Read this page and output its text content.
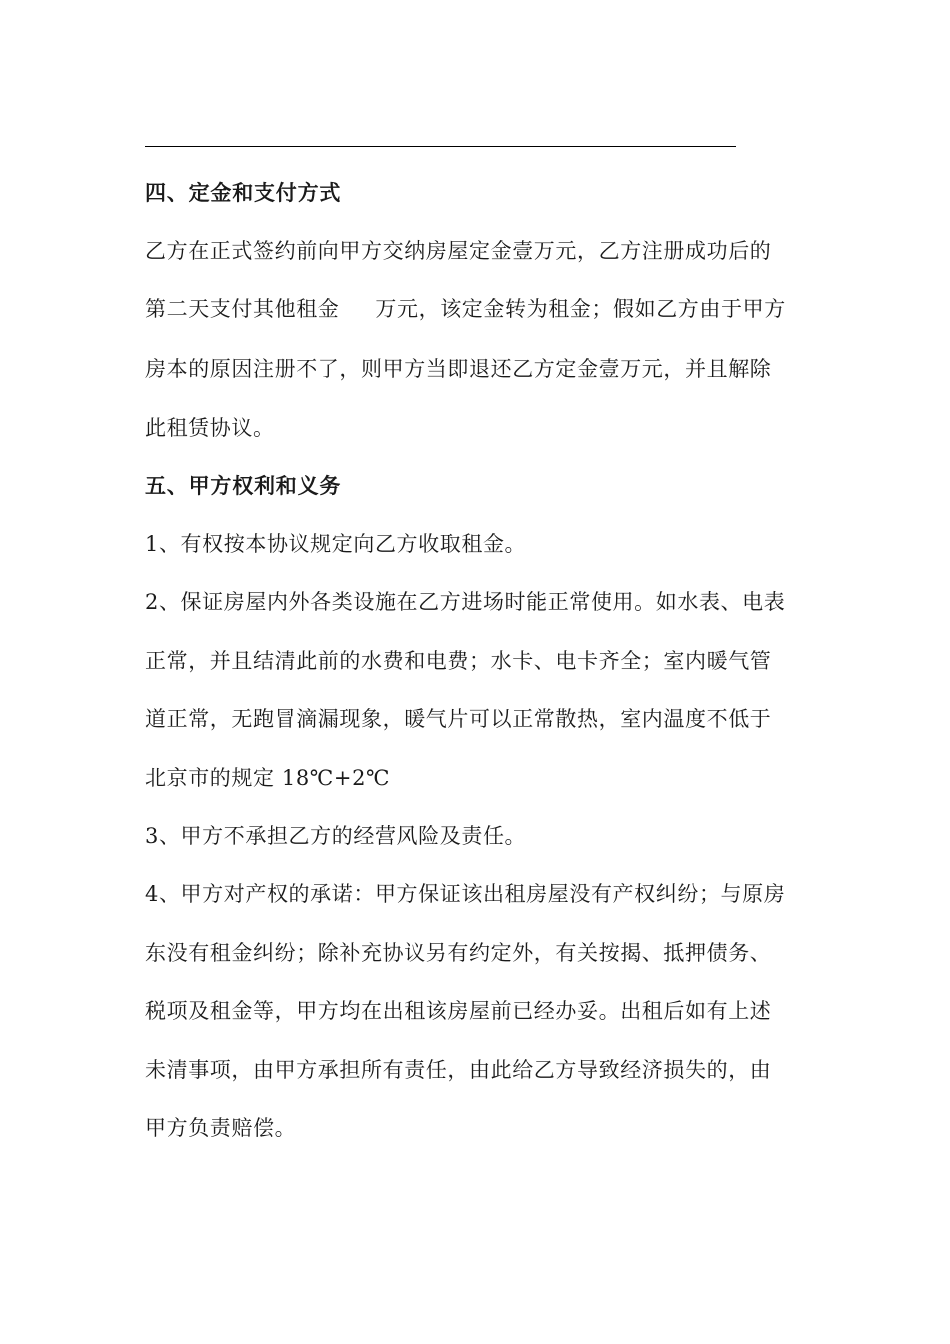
四、定金和支付方式
乙方在正式签约前向甲方交纳房屋定金壹万元，乙方注册成功后的
第二天支付其他租金 万元，该定金转为租金；假如乙方由于甲方
房本的原因注册不了，则甲方当即退还乙方定金壹万元，并且解除
此租赁协议。
五、甲方权利和义务
1、有权按本协议规定向乙方收取租金。
2、保证房屋内外各类设施在乙方进场时能正常使用。如水表、电表
正常，并且结清此前的水费和电费；水卡、电卡齐全；室内暖气管
道正常，无跑冒滴漏现象，暖气片可以正常散热，室内温度不低于
北京市的规定 18℃+2℃
3、甲方不承担乙方的经营风险及责任。
4、甲方对产权的承诺：甲方保证该出租房屋没有产权纠纷；与原房
东没有租金纠纷；除补充协议另有约定外，有关按揭、抵押债务、
税项及租金等，甲方均在出租该房屋前已经办妥。出租后如有上述
未清事项，由甲方承担所有责任，由此给乙方导致经济损失的，由
甲方负责赔偿。
